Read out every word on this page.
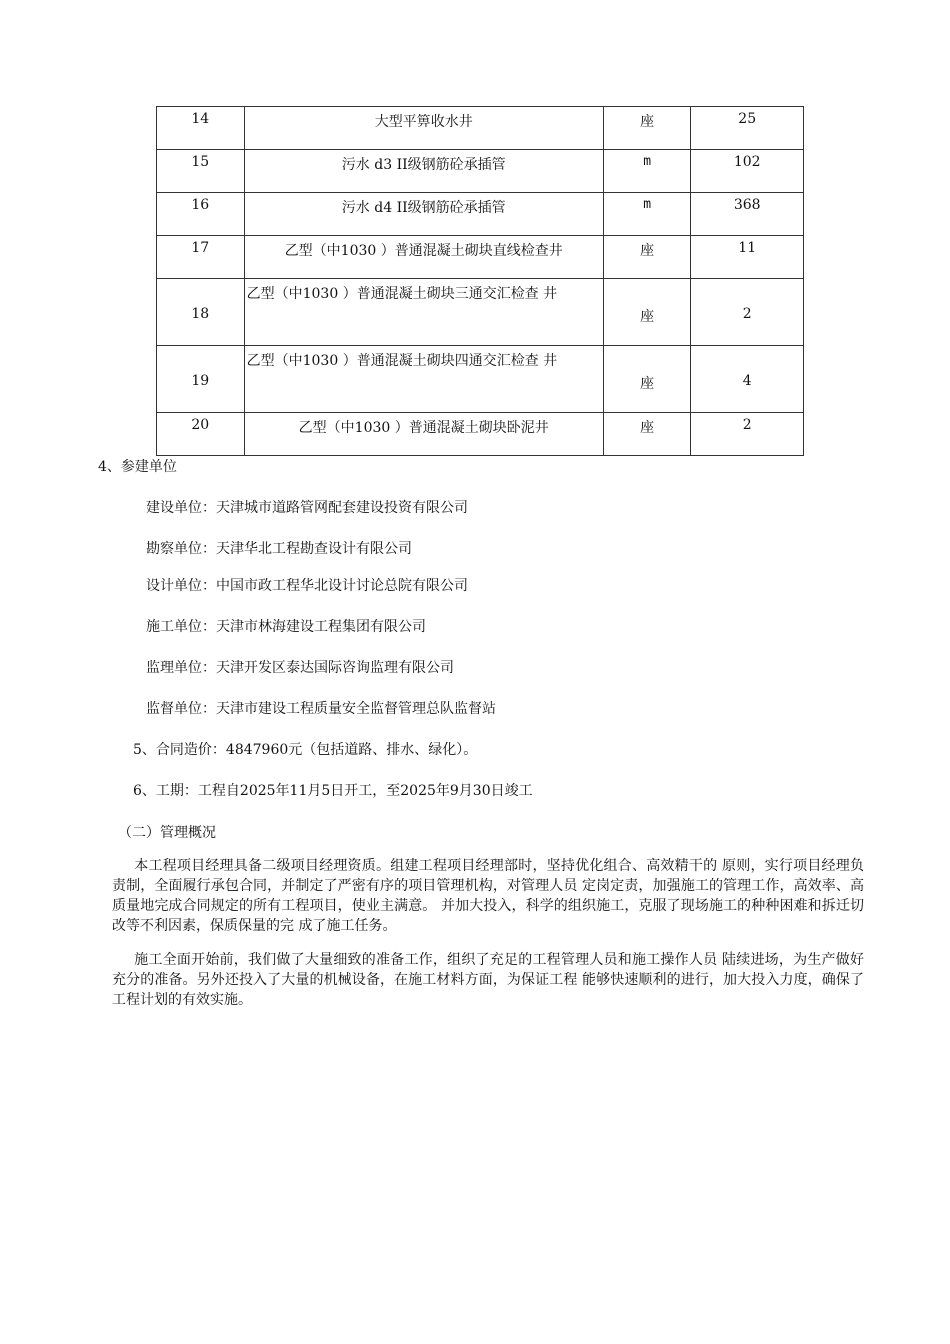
14	大型平箅收水井	座	25

15	污水 d3 II级钢筋砼承插管	m	102

16	污水 d4 II级钢筋砼承插管	m	368

17	乙型（中1030 ）普通混凝土砌块直线检查井	座	11

18	乙型（中1030 ）普通混凝土砌块三通交汇检查 井	座	2

19	乙型（中1030 ）普通混凝土砌块四通交汇检查 井	座	4

20	乙型（中1030 ）普通混凝土砌块卧泥井	座	2
4、参建单位
建设单位：天津城市道路管网配套建设投资有限公司
勘察单位：天津华北工程勘查设计有限公司
设计单位：中国市政工程华北设计讨论总院有限公司
施工单位：天津市林海建设工程集团有限公司
监理单位：天津开发区泰达国际咨询监理有限公司
监督单位：天津市建设工程质量安全监督管理总队监督站
5、合同造价：4847960元（包括道路、排水、绿化）。
6、工期：工程自2025年11月5日开工，至2025年9月30日竣工
（二）管理概况
本工程项目经理具备二级项目经理资质。组建工程项目经理部时，坚持优化组合、高效精干的 原则，实行项目经理负责制，全面履行承包合同，并制定了严密有序的项目管理机构，对管理人员 定岗定责，加强施工的管理工作，高效率、高质量地完成合同规定的所有工程项目，使业主满意。 并加大投入，科学的组织施工，克服了现场施工的种种困难和拆迁切改等不利因素，保质保量的完 成了施工任务。
施工全面开始前，我们做了大量细致的准备工作，组织了充足的工程管理人员和施工操作人员 陆续进场，为生产做好充分的准备。另外还投入了大量的机械设备，在施工材料方面，为保证工程 能够快速顺利的进行，加大投入力度，确保了工程计划的有效实施。
